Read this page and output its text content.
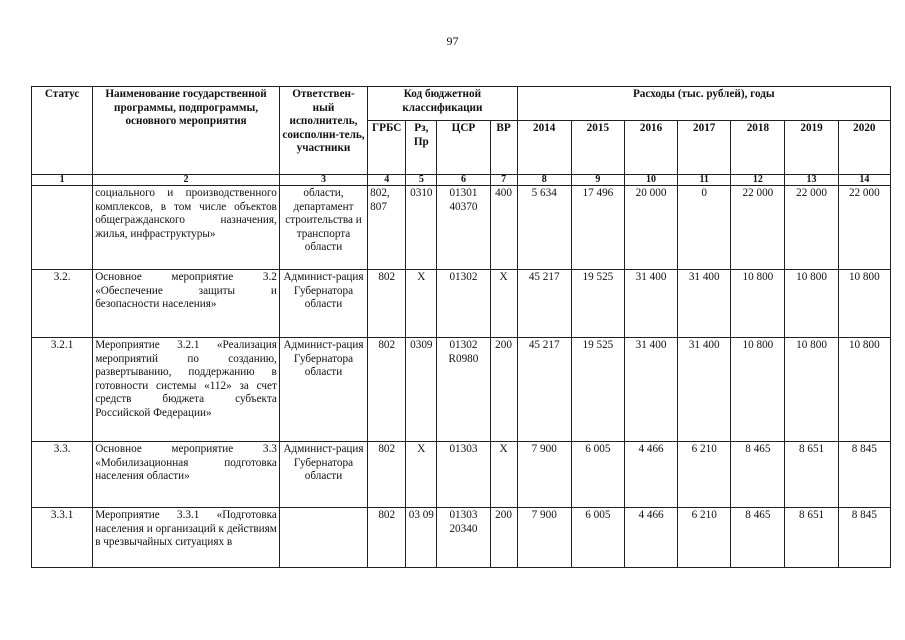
97
Статус	Наименование государственной программы, подпрограммы, основного мероприятия	Ответствен-ный исполнитель, соисполни-тель, участники	Код бюджетной классификации				Расходы (тыс. рублей), годы						
			ГРБС	Рз, Пр	ЦСР	ВР	2014	2015	2016	2017	2018	2019	2020
1	2	3	4	5	6	7	8	9	10	11	12	13	14
	социального и производственного комплексов, в том числе объектов общегражданского назначения, жилья, инфраструктуры»	области, департамент строительства и транспорта области	802, 807	0310	01301 40370	400	5 634	17 496	20 000	0	22 000	22 000	22 000
3.2.	Основное мероприятие 3.2 «Обеспечение защиты и безопасности населения»	Админист-рация Губернатора области	802	X	01302	X	45 217	19 525	31 400	31 400	10 800	10 800	10 800
3.2.1	Мероприятие 3.2.1 «Реализация мероприятий по созданию, развертыванию, поддержанию в готовности системы «112» за счет средств бюджета субъекта Российской Федерации»	Админист-рация Губернатора области	802	0309	01302 R0980	200	45 217	19 525	31 400	31 400	10 800	10 800	10 800
3.3.	Основное мероприятие 3.3 «Мобилизационная подготовка населения области»	Админист-рация Губернатора области	802	X	01303	X	7 900	6 005	4 466	6 210	8 465	8 651	8 845
3.3.1	Мероприятие 3.3.1 «Подготовка населения и организаций к действиям в чрезвычайных ситуациях в		802	03 09	01303 20340	200	7 900	6 005	4 466	6 210	8 465	8 651	8 845
